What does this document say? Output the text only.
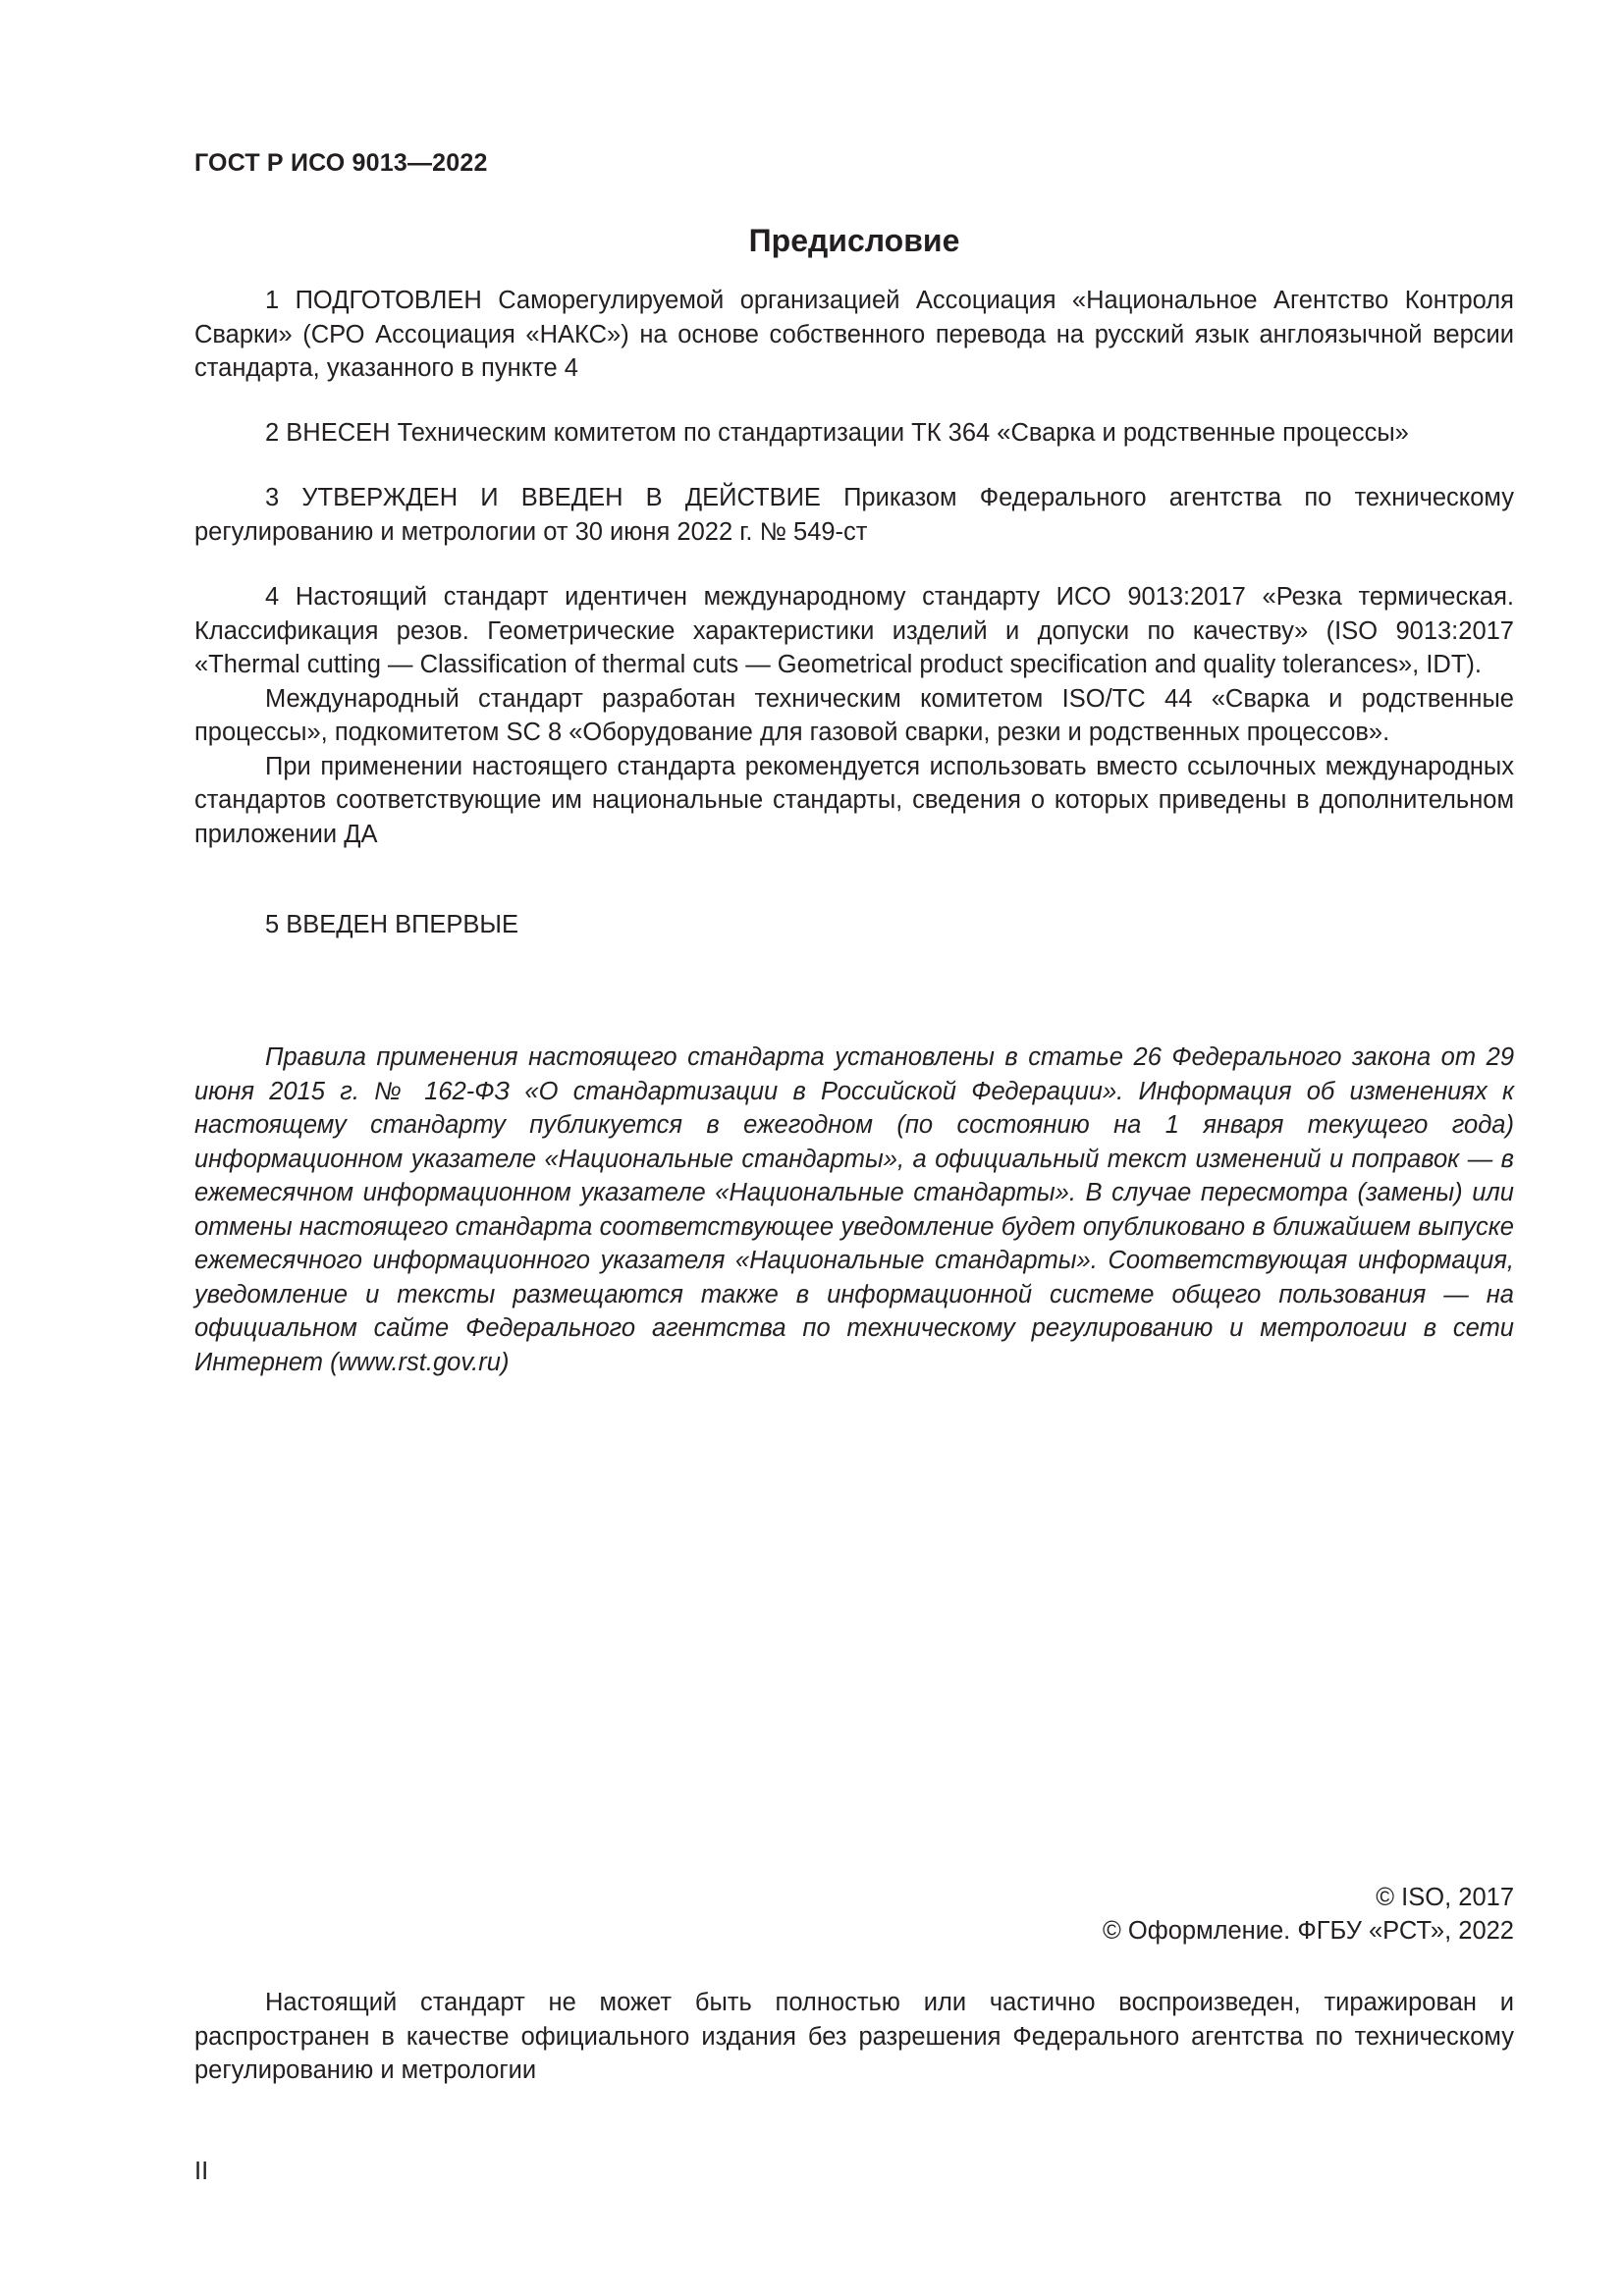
ГОСТ Р ИСО 9013—2022
Предисловие

1 ПОДГОТОВЛЕН Саморегулируемой организацией Ассоциация «Национальное Агентство Контроля Сварки» (СРО Ассоциация «НАКС») на основе собственного перевода на русский язык англоязычной версии стандарта, указанного в пункте 4

2 ВНЕСЕН Техническим комитетом по стандартизации ТК 364 «Сварка и родственные процессы»

3 УТВЕРЖДЕН И ВВЕДЕН В ДЕЙСТВИЕ Приказом Федерального агентства по техническому регулированию и метрологии от 30 июня 2022 г. № 549-ст

4 Настоящий стандарт идентичен международному стандарту ИСО 9013:2017 «Резка термическая. Классификация резов. Геометрические характеристики изделий и допуски по качеству» (ISO 9013:2017 «Thermal cutting — Classification of thermal cuts — Geometrical product specification and quality tolerances», IDT).

Международный стандарт разработан техническим комитетом ISO/TC 44 «Сварка и родственные процессы», подкомитетом SC 8 «Оборудование для газовой сварки, резки и родственных процессов».

При применении настоящего стандарта рекомендуется использовать вместо ссылочных международных стандартов соответствующие им национальные стандарты, сведения о которых приведены в дополнительном приложении ДА

5 ВВЕДЕН ВПЕРВЫЕ

Правила применения настоящего стандарта установлены в статье 26 Федерального закона от 29 июня 2015 г. № 162-ФЗ «О стандартизации в Российской Федерации». Информация об изменениях к настоящему стандарту публикуется в ежегодном (по состоянию на 1 января текущего года) информационном указателе «Национальные стандарты», а официальный текст изменений и поправок — в ежемесячном информационном указателе «Национальные стандарты». В случае пересмотра (замены) или отмены настоящего стандарта соответствующее уведомление будет опубликовано в ближайшем выпуске ежемесячного информационного указателя «Национальные стандарты». Соответствующая информация, уведомление и тексты размещаются также в информационной системе общего пользования — на официальном сайте Федерального агентства по техническому регулированию и метрологии в сети Интернет (www.rst.gov.ru)

© ISO, 2017
© Оформление. ФГБУ «РСТ», 2022

Настоящий стандарт не может быть полностью или частично воспроизведен, тиражирован и распространен в качестве официального издания без разрешения Федерального агентства по техническому регулированию и метрологии

II
